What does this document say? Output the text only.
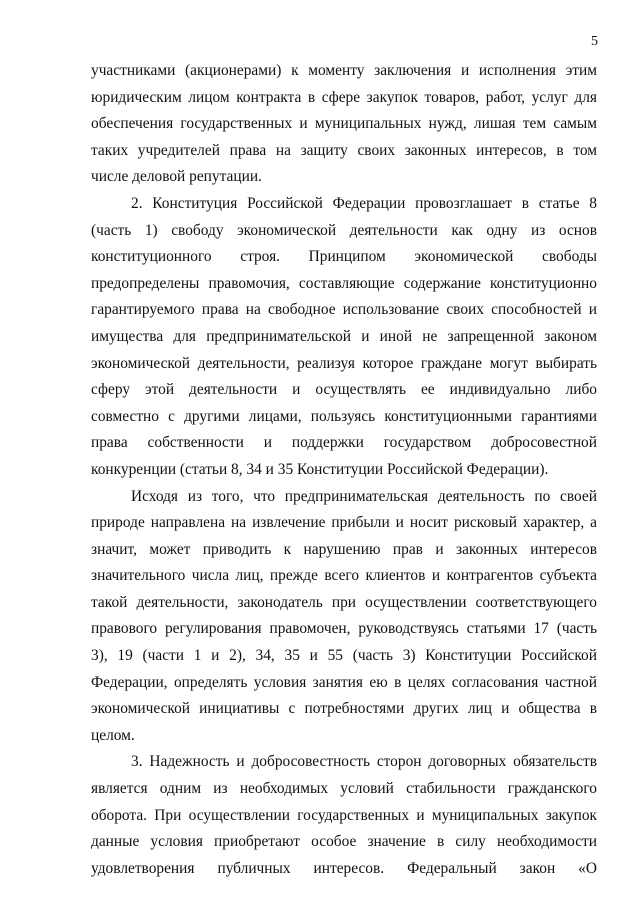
5
участниками (акционерами) к моменту заключения и исполнения этим
юридическим лицом контракта в сфере закупок товаров, работ, услуг для
обеспечения государственных и муниципальных нужд, лишая тем самым
таких учредителей права на защиту своих законных интересов, в том
числе деловой репутации.
2. Конституция Российской Федерации провозглашает в статье 8
(часть 1) свободу экономической деятельности как одну из основ
конституционного строя. Принципом экономической свободы
предопределены правомочия, составляющие содержание конституционно
гарантируемого права на свободное использование своих способностей и
имущества для предпринимательской и иной не запрещенной законом
экономической деятельности, реализуя которое граждане могут выбирать
сферу этой деятельности и осуществлять ее индивидуально либо
совместно с другими лицами, пользуясь конституционными гарантиями
права собственности и поддержки государством добросовестной
конкуренции (статьи 8, 34 и 35 Конституции Российской Федерации).
Исходя из того, что предпринимательская деятельность по своей
природе направлена на извлечение прибыли и носит рисковый характер, а
значит, может приводить к нарушению прав и законных интересов
значительного числа лиц, прежде всего клиентов и контрагентов субъекта
такой деятельности, законодатель при осуществлении соответствующего
правового регулирования правомочен, руководствуясь статьями 17 (часть
3), 19 (части 1 и 2), 34, 35 и 55 (часть 3) Конституции Российской
Федерации, определять условия занятия ею в целях согласования частной
экономической инициативы с потребностями других лиц и общества в
целом.
3. Надежность и добросовестность сторон договорных обязательств
является одним из необходимых условий стабильности гражданского
оборота. При осуществлении государственных и муниципальных закупок
данные условия приобретают особое значение в силу необходимости
удовлетворения публичных интересов. Федеральный закон «О
